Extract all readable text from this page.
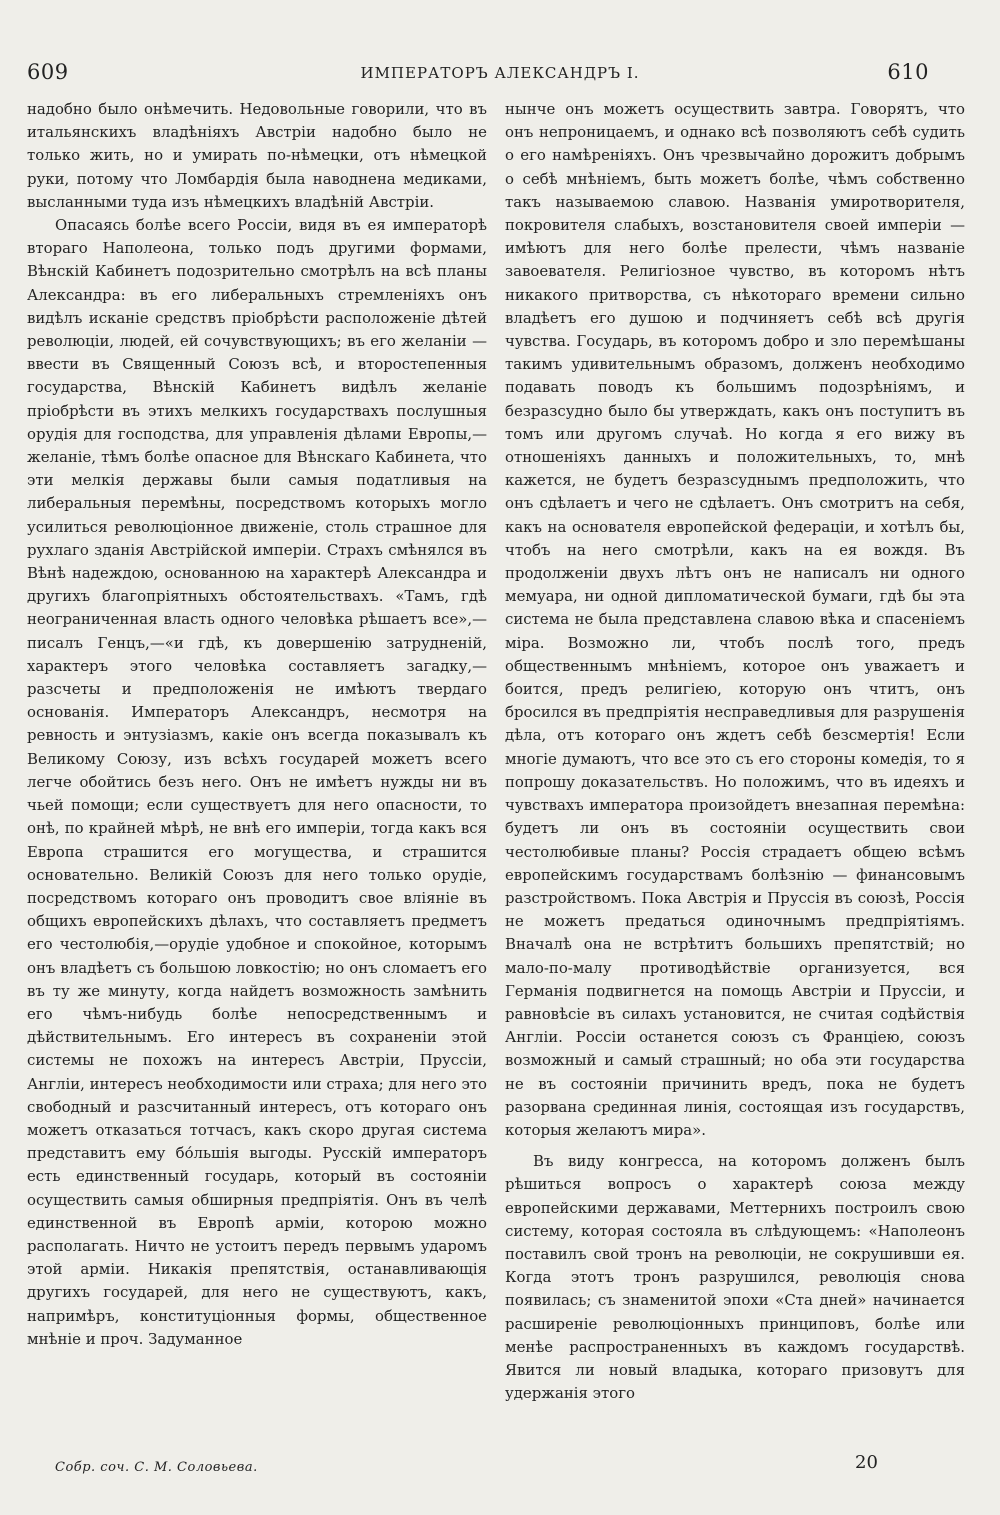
609	ИМПЕРАТОРЪ АЛЕКСАНДРЪ I.	610

надобно было онѣмечить. Недовольные говорили, что въ итальянскихъ владѣніяхъ Австріи надобно было не только жить, но и умирать по-нѣмецки, отъ нѣмецкой руки, потому что Ломбардія была наводнена медиками, высланными туда изъ нѣмецкихъ владѣній Австріи.

Опасаясь болѣе всего Россіи, видя въ ея императорѣ втораго Наполеона, только подъ другими формами, Вѣнскій Кабинетъ подозрительно смотрѣлъ на всѣ планы Александра: въ его либеральныхъ стремленіяхъ онъ видѣлъ исканіе средствъ пріобрѣсти расположеніе дѣтей революціи, людей, ей сочувствующихъ; въ его желаніи — ввести въ Священный Союзъ всѣ, и второстепенныя государства, Вѣнскій Кабинетъ видѣлъ желаніе пріобрѣсти въ этихъ мелкихъ государствахъ послушныя орудія для господства, для управленія дѣлами Европы,—желаніе, тѣмъ болѣе опасное для Вѣнскаго Кабинета, что эти мелкія державы были самыя податливыя на либеральныя перемѣны, посредствомъ которыхъ могло усилиться революціонное движеніе, столь страшное для рухлаго зданія Австрійской имперіи. Страхъ смѣнялся въ Вѣнѣ надеждою, основанною на характерѣ Александра и другихъ благопріятныхъ обстоятельствахъ. «Тамъ, гдѣ неограниченная власть одного человѣка рѣшаетъ все»,—писалъ Генцъ,—«и гдѣ, къ довершенію затрудненій, характеръ этого человѣка составляетъ загадку,—разсчеты и предположенія не имѣютъ твердаго основанія. Императоръ Александръ, несмотря на ревность и энтузіазмъ, какіе онъ всегда показывалъ къ Великому Союзу, изъ всѣхъ государей можетъ всего легче обойтись безъ него. Онъ не имѣетъ нужды ни въ чьей помощи; если существуетъ для него опасности, то онѣ, по крайней мѣрѣ, не внѣ его имперіи, тогда какъ вся Европа страшится его могущества, и страшится основательно. Великій Союзъ для него только орудіе, посредствомъ котораго онъ проводитъ свое вліяніе въ общихъ европейскихъ дѣлахъ, что составляетъ предметъ его честолюбія,—орудіе удобное и спокойное, которымъ онъ владѣетъ съ большою ловкостію; но онъ сломаетъ его въ ту же минуту, когда найдетъ возможность замѣнить его чѣмъ-нибудь болѣе непосредственнымъ и дѣйствительнымъ. Его интересъ въ сохраненіи этой системы не похожъ на интересъ Австріи, Пруссіи, Англіи, интересъ необходимости или страха; для него это свободный и разсчитанный интересъ, отъ котораго онъ можетъ отказаться тотчасъ, какъ скоро другая система представитъ ему бо́льшія выгоды. Русскій императоръ есть единственный государь, который въ состояніи осуществить самыя обширныя предпріятія. Онъ въ челѣ единственной въ Европѣ арміи, которою можно располагать. Ничто не устоитъ передъ первымъ ударомъ этой арміи. Никакія препятствія, останавливающія другихъ государей, для него не существуютъ, какъ, напримѣръ, конституціонныя формы, общественное мнѣніе и проч. Задуманное

нынче онъ можетъ осуществить завтра. Говорятъ, что онъ непроницаемъ, и однако всѣ позволяютъ себѣ судить о его намѣреніяхъ. Онъ чрезвычайно дорожитъ добрымъ о себѣ мнѣніемъ, быть можетъ болѣе, чѣмъ собственно такъ называемою славою. Названія умиротворителя, покровителя слабыхъ, возстановителя своей имперіи — имѣютъ для него болѣе прелести, чѣмъ названіе завоевателя. Религіозное чувство, въ которомъ нѣтъ никакого притворства, съ нѣкотораго времени сильно владѣетъ его душою и подчиняетъ себѣ всѣ другія чувства. Государь, въ которомъ добро и зло перемѣшаны такимъ удивительнымъ образомъ, долженъ необходимо подавать поводъ къ большимъ подозрѣніямъ, и безразсудно было бы утверждать, какъ онъ поступитъ въ томъ или другомъ случаѣ. Но когда я его вижу въ отношеніяхъ данныхъ и положительныхъ, то, мнѣ кажется, не будетъ безразсуднымъ предположить, что онъ сдѣлаетъ и чего не сдѣлаетъ. Онъ смотритъ на себя, какъ на основателя европейской федераціи, и хотѣлъ бы, чтобъ на него смотрѣли, какъ на ея вождя. Въ продолженіи двухъ лѣтъ онъ не написалъ ни одного мемуара, ни одной дипломатической бумаги, гдѣ бы эта система не была представлена славою вѣка и спасеніемъ міра. Возможно ли, чтобъ послѣ того, предъ общественнымъ мнѣніемъ, которое онъ уважаетъ и боится, предъ религіею, которую онъ чтитъ, онъ бросился въ предпріятія несправедливыя для разрушенія дѣла, отъ котораго онъ ждетъ себѣ безсмертія! Если многіе думаютъ, что все это съ его стороны комедія, то я попрошу доказательствъ. Но положимъ, что въ идеяхъ и чувствахъ императора произойдетъ внезапная перемѣна: будетъ ли онъ въ состояніи осуществить свои честолюбивые планы? Россія страдаетъ общею всѣмъ европейскимъ государствамъ болѣзнію — финансовымъ разстройствомъ. Пока Австрія и Пруссія въ союзѣ, Россія не можетъ предаться одиночнымъ предпріятіямъ. Вначалѣ она не встрѣтитъ большихъ препятствій; но мало-по-малу противодѣйствіе организуется, вся Германія подвигнется на помощь Австріи и Пруссіи, и равновѣсіе въ силахъ установится, не считая содѣйствія Англіи. Россіи останется союзъ съ Франціею, союзъ возможный и самый страшный; но оба эти государства не въ состояніи причинить вредъ, пока не будетъ разорвана срединная линія, состоящая изъ государствъ, которыя желаютъ мира».

Въ виду конгресса, на которомъ долженъ былъ рѣшиться вопросъ о характерѣ союза между европейскими державами, Меттернихъ построилъ свою систему, которая состояла въ слѣдующемъ: «Наполеонъ поставилъ свой тронъ на революціи, не сокрушивши ея. Когда этотъ тронъ разрушился, революція снова появилась; съ знаменитой эпохи «Ста дней» начинается расширеніе революціонныхъ принциповъ, болѣе или менѣе распространенныхъ въ каждомъ государствѣ. Явится ли новый владыка, котораго призовутъ для удержанія этого

Собр. соч. С. М. Соловьева.	20
